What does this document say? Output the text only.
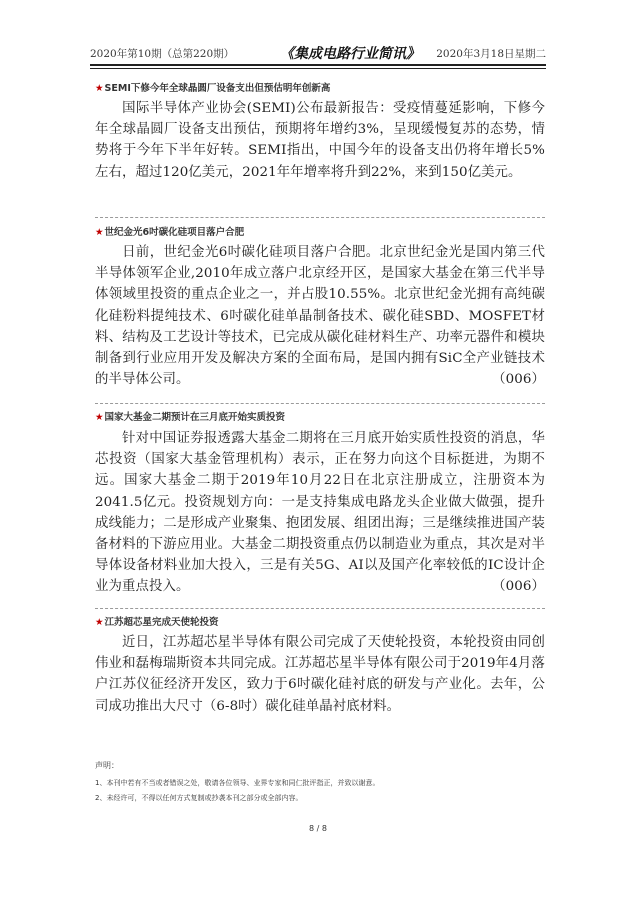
2020年第10期（总第220期）	《集成电路行业简讯》 2020年3月18日星期二
★SEMI下修今年全球晶圆厂设备支出但预估明年创新高
国际半导体产业协会(SEMI)公布最新报告：受疫情蔓延影响，下修今年全球晶圆厂设备支出预估，预期将年增约3%，呈现缓慢复苏的态势，情势将于今年下半年好转。SEMI指出，中国今年的设备支出仍将年增长5%左右，超过120亿美元，2021年年增率将升到22%，来到150亿美元。
★世纪金光6吋碳化硅项目落户合肥
日前，世纪金光6吋碳化硅项目落户合肥。北京世纪金光是国内第三代半导体领军企业,2010年成立落户北京经开区，是国家大基金在第三代半导体领域里投资的重点企业之一，并占股10.55%。北京世纪金光拥有高纯碳化硅粉料提纯技术、6吋碳化硅单晶制备技术、碳化硅SBD、MOSFET材料、结构及工艺设计等技术，已完成从碳化硅材料生产、功率元器件和模块制备到行业应用开发及解决方案的全面布局，是国内拥有SiC全产业链技术的半导体公司。	（006）
★国家大基金二期预计在三月底开始实质投资
针对中国证券报透露大基金二期将在三月底开始实质性投资的消息，华芯投资（国家大基金管理机构）表示，正在努力向这个目标挺进，为期不远。国家大基金二期于2019年10月22日在北京注册成立，注册资本为2041.5亿元。投资规划方向：一是支持集成电路龙头企业做大做强，提升成线能力；二是形成产业聚集、抱团发展、组团出海；三是继续推进国产装备材料的下游应用业。大基金二期投资重点仍以制造业为重点，其次是对半导体设备材料业加大投入，三是有关5G、AI以及国产化率较低的IC设计企业为重点投入。	（006）
★江苏超芯星完成天使轮投资
近日，江苏超芯星半导体有限公司完成了天使轮投资，本轮投资由同创伟业和磊梅瑞斯资本共同完成。江苏超芯星半导体有限公司于2019年4月落户江苏仪征经济开发区，致力于6吋碳化硅衬底的研发与产业化。去年，公司成功推出大尺寸（6-8吋）碳化硅单晶衬底材料。
声明：
1、本刊中若有不当或者错误之处，敬请各位领导、业界专家和同仁批评指正，并致以谢意。
2、未经许可，不得以任何方式复制或抄袭本刊之部分或全部内容。
8 / 8
